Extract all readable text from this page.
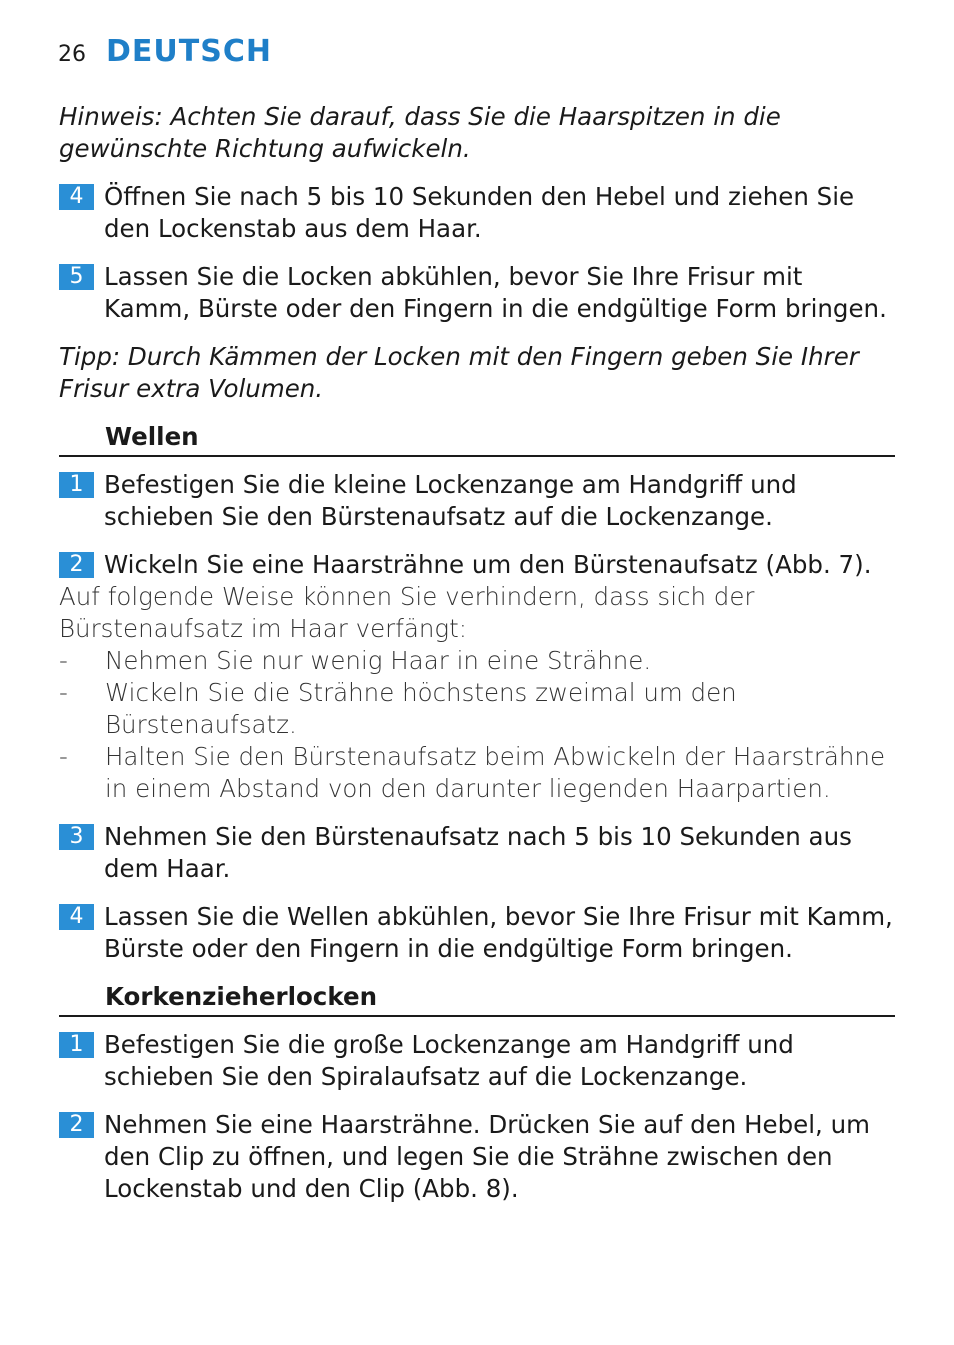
26 DEUTSCH

Hinweis: Achten Sie darauf, dass Sie die Haarspitzen in die gewünschte Richtung aufwickeln.

4 Öffnen Sie nach 5 bis 10 Sekunden den Hebel und ziehen Sie den Lockenstab aus dem Haar.
5 Lassen Sie die Locken abkühlen, bevor Sie Ihre Frisur mit Kamm, Bürste oder den Fingern in die endgültige Form bringen.

Tipp: Durch Kämmen der Locken mit den Fingern geben Sie Ihrer Frisur extra Volumen.

Wellen
1 Befestigen Sie die kleine Lockenzange am Handgriff und schieben Sie den Bürstenaufsatz auf die Lockenzange.
2 Wickeln Sie eine Haarsträhne um den Bürstenaufsatz (Abb. 7).
Auf folgende Weise können Sie verhindern, dass sich der Bürstenaufsatz im Haar verfängt:
-	Nehmen Sie nur wenig Haar in eine Strähne.
-	Wickeln Sie die Strähne höchstens zweimal um den Bürstenaufsatz.
-	Halten Sie den Bürstenaufsatz beim Abwickeln der Haarsträhne in einem Abstand von den darunter liegenden Haarpartien.
3 Nehmen Sie den Bürstenaufsatz nach 5 bis 10 Sekunden aus dem Haar.
4 Lassen Sie die Wellen abkühlen, bevor Sie Ihre Frisur mit Kamm, Bürste oder den Fingern in die endgültige Form bringen.
Korkenzieherlocken
1 Befestigen Sie die große Lockenzange am Handgriff und schieben Sie den Spiralaufsatz auf die Lockenzange.
2 Nehmen Sie eine Haarsträhne. Drücken Sie auf den Hebel, um den Clip zu öffnen, und legen Sie die Strähne zwischen den Lockenstab und den Clip (Abb. 8).
